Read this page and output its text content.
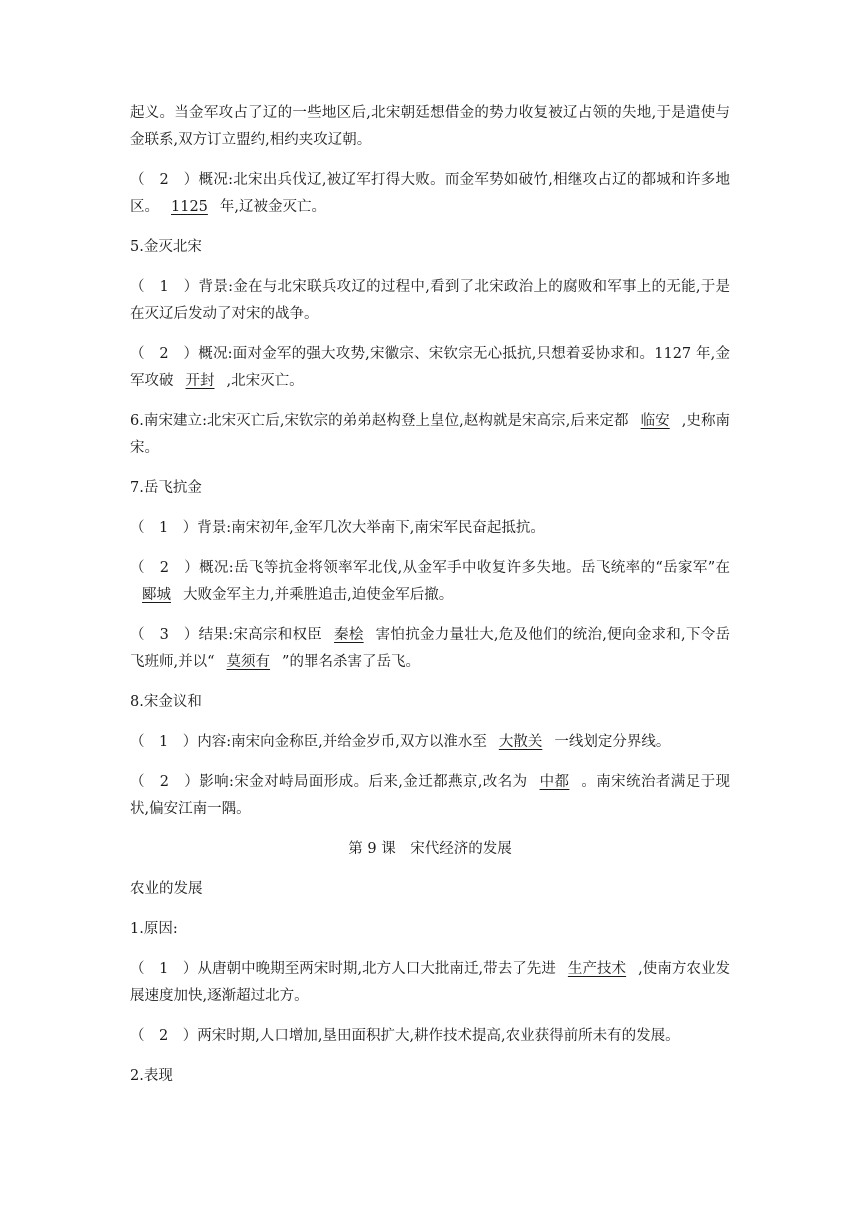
起义。当金军攻占了辽的一些地区后,北宋朝廷想借金的势力收复被辽占领的失地,于是遣使与金联系,双方订立盟约,相约夹攻辽朝。
（　2　）概况:北宋出兵伐辽,被辽军打得大败。而金军势如破竹,相继攻占辽的都城和许多地区。 1125 年,辽被金灭亡。
5.金灭北宋
（　1　）背景:金在与北宋联兵攻辽的过程中,看到了北宋政治上的腐败和军事上的无能,于是在灭辽后发动了对宋的战争。
（　2　）概况:面对金军的强大攻势,宋徽宗、宋钦宗无心抵抗,只想着妥协求和。1127 年,金军攻破 开封 ,北宋灭亡。
6.南宋建立:北宋灭亡后,宋钦宗的弟弟赵构登上皇位,赵构就是宋高宗,后来定都 临安 ,史称南宋。
7.岳飞抗金
（　1　）背景:南宋初年,金军几次大举南下,南宋军民奋起抵抗。
（　2　）概况:岳飞等抗金将领率军北伐,从金军手中收复许多失地。岳飞统率的“岳家军”在郾城 大败金军主力,并乘胜追击,迫使金军后撤。
（　3　）结果:宋高宗和权臣 秦桧 害怕抗金力量壮大,危及他们的统治,便向金求和,下令岳飞班师,并以“ 莫须有 ”的罪名杀害了岳飞。
8.宋金议和
（　1　）内容:南宋向金称臣,并给金岁币,双方以淮水至 大散关 一线划定分界线。
（　2　）影响:宋金对峙局面形成。后来,金迁都燕京,改名为 中都 。南宋统治者满足于现状,偏安江南一隅。
第 9 课　宋代经济的发展
农业的发展
1.原因:
（　1　）从唐朝中晚期至两宋时期,北方人口大批南迁,带去了先进 生产技术 ,使南方农业发展速度加快,逐渐超过北方。
（　2　）两宋时期,人口增加,垦田面积扩大,耕作技术提高,农业获得前所未有的发展。
2.表现
